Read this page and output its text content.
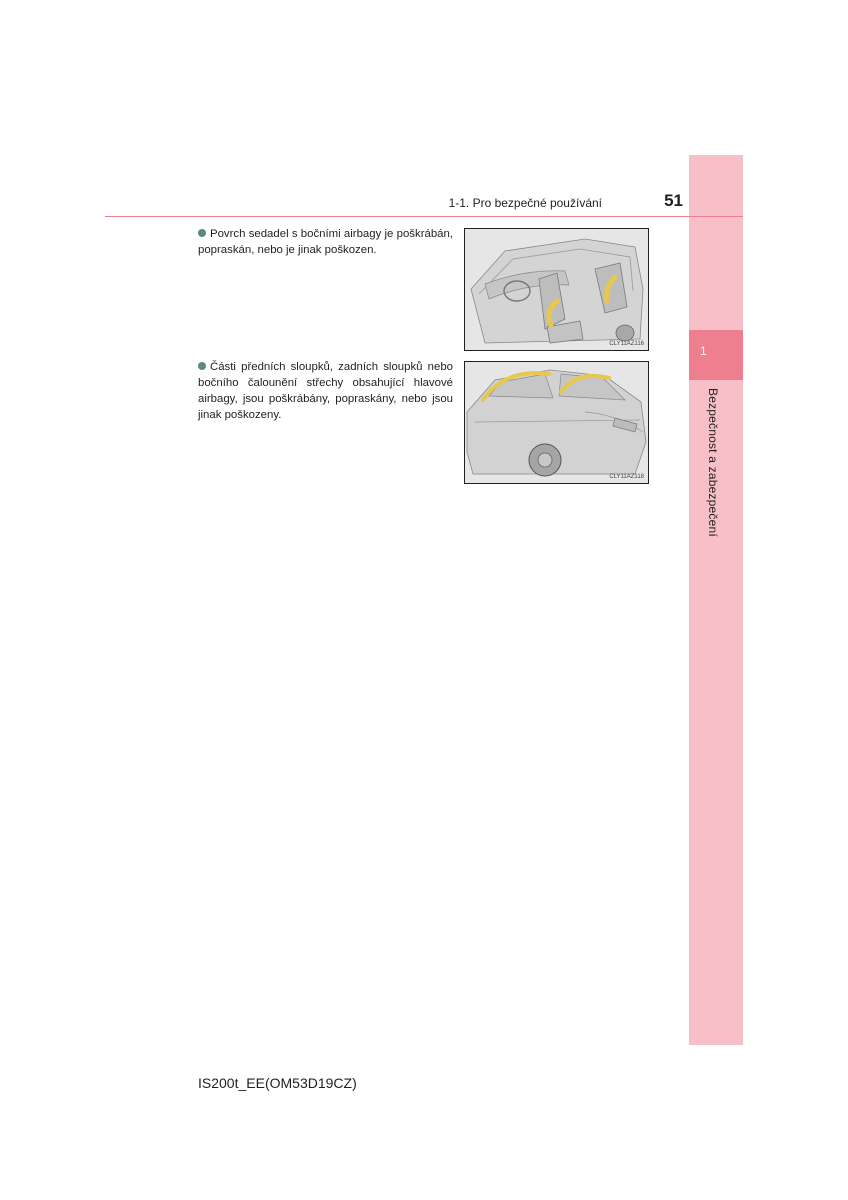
1
Bezpečnost a zabezpečení
1-1. Pro bezpečné používání	51
Povrch sedadel s bočními airbagy je poškrábán, popraskán, nebo je jinak poškozen.
CLY11AZ116
Části předních sloupků, zadních sloupků nebo bočního čalounění střechy obsahující hlavové airbagy, jsou poškrábány, popraskány, nebo jsou jinak poškozeny.
CLY11AZ118
IS200t_EE(OM53D19CZ)
